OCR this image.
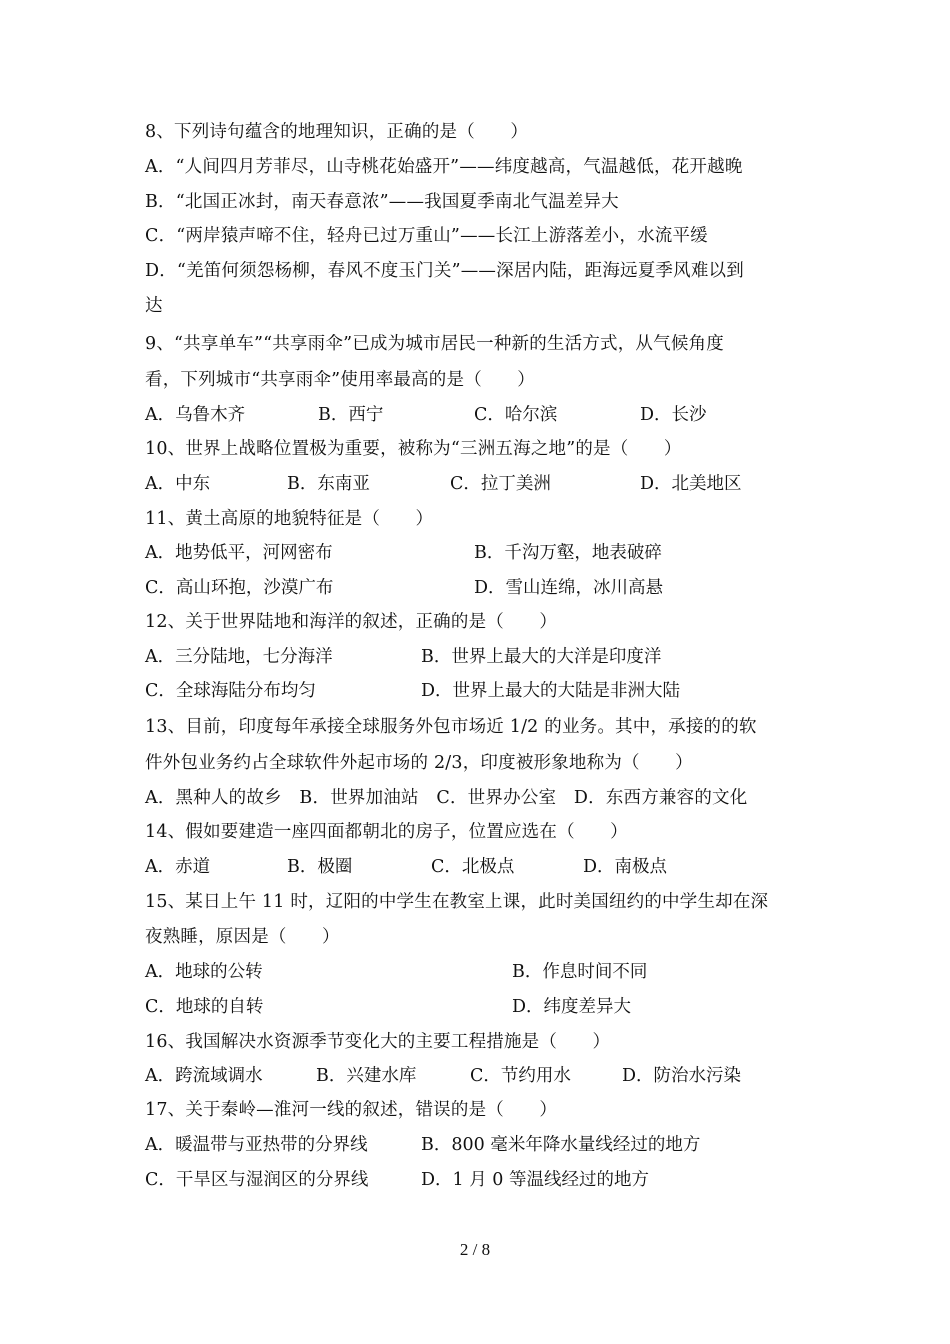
8、下列诗句蕴含的地理知识，正确的是（　　）
A．“人间四月芳菲尽，山寺桃花始盛开”——纬度越高，气温越低，花开越晚
B．“北国正冰封，南天春意浓”——我国夏季南北气温差异大
C．“两岸猿声啼不住，轻舟已过万重山”——长江上游落差小，水流平缓
D．“羌笛何须怨杨柳，春风不度玉门关”——深居内陆，距海远夏季风难以到
达
9、“共享单车”“共享雨伞”已成为城市居民一种新的生活方式，从气候角度
看，下列城市“共享雨伞”使用率最高的是（　　）
A．乌鲁木齐	B．西宁	C．哈尔滨	D．长沙
10、世界上战略位置极为重要，被称为“三洲五海之地”的是（　　）
A．中东	B．东南亚	C．拉丁美洲	D．北美地区
11、黄土高原的地貌特征是（　　）
A．地势低平，河网密布	B．千沟万壑，地表破碎
C．高山环抱，沙漠广布	D．雪山连绵，冰川高悬
12、关于世界陆地和海洋的叙述，正确的是（　　）
A．三分陆地，七分海洋	B．世界上最大的大洋是印度洋
C．全球海陆分布均匀	D．世界上最大的大陆是非洲大陆
13、目前，印度每年承接全球服务外包市场近 1/2 的业务。其中，承接的的软
件外包业务约占全球软件外起市场的 2/3，印度被形象地称为（　　）
A．黑种人的故乡　B．世界加油站　C．世界办公室　D．东西方兼容的文化
14、假如要建造一座四面都朝北的房子，位置应选在（　　）
A．赤道	B．极圈	C．北极点	D．南极点
15、某日上午 11 时，辽阳的中学生在教室上课，此时美国纽约的中学生却在深
夜熟睡，原因是（　　）
A．地球的公转	B．作息时间不同
C．地球的自转	D．纬度差异大
16、我国解决水资源季节变化大的主要工程措施是（　　）
A．跨流域调水	B．兴建水库	C．节约用水	D．防治水污染
17、关于秦岭—淮河一线的叙述，错误的是（　　）
A．暖温带与亚热带的分界线	B．800 毫米年降水量线经过的地方
C．干旱区与湿润区的分界线	D．1 月 0 等温线经过的地方
2 / 8
